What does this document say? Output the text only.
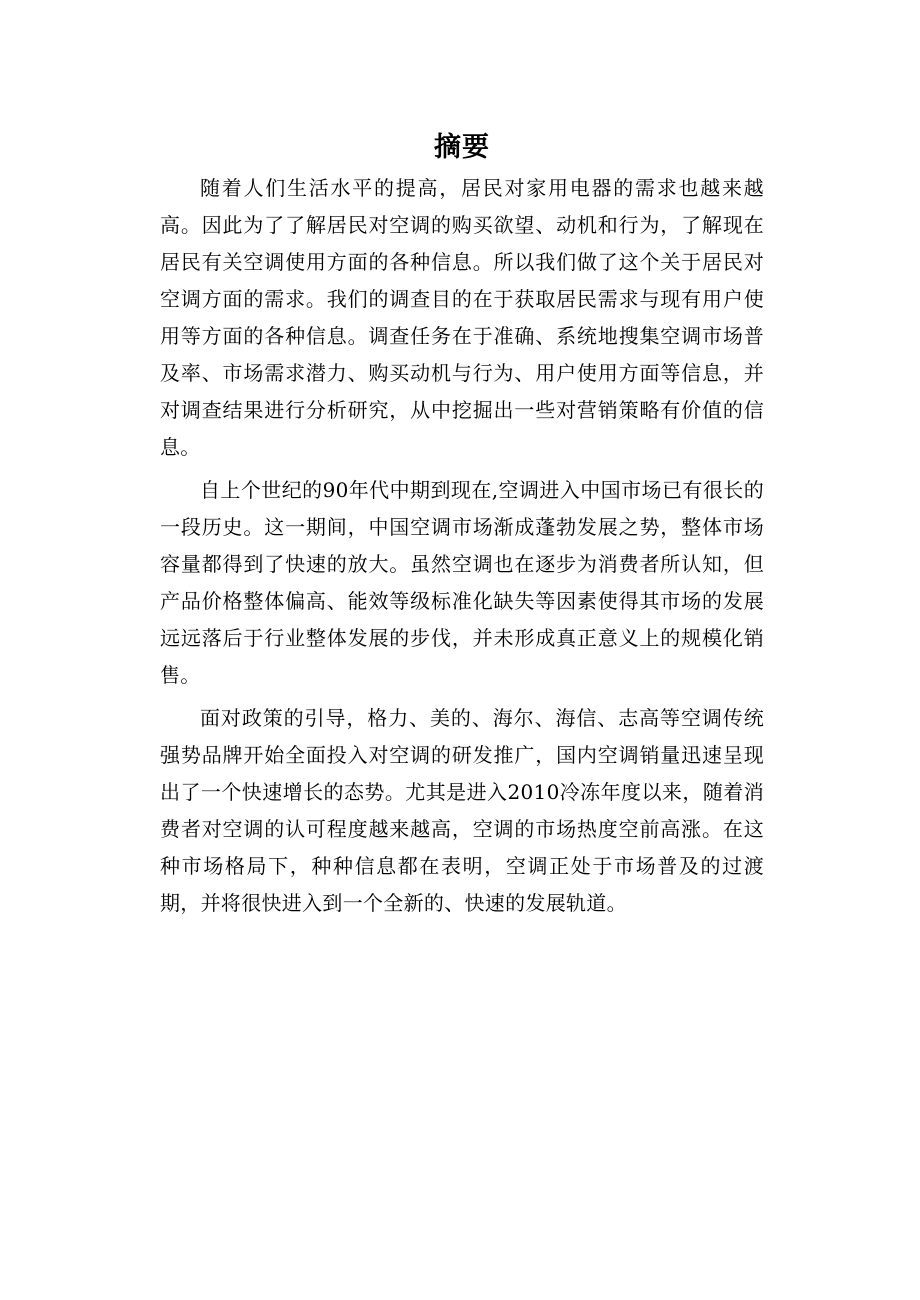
摘要

随着人们生活水平的提高，居民对家用电器的需求也越来越高。因此为了了解居民对空调的购买欲望、动机和行为，了解现在居民有关空调使用方面的各种信息。所以我们做了这个关于居民对空调方面的需求。我们的调查目的在于获取居民需求与现有用户使用等方面的各种信息。调查任务在于准确、系统地搜集空调市场普及率、市场需求潜力、购买动机与行为、用户使用方面等信息，并对调查结果进行分析研究，从中挖掘出一些对营销策略有价值的信息。

自上个世纪的90年代中期到现在,空调进入中国市场已有很长的一段历史。这一期间，中国空调市场渐成蓬勃发展之势，整体市场容量都得到了快速的放大。虽然空调也在逐步为消费者所认知，但产品价格整体偏高、能效等级标准化缺失等因素使得其市场的发展远远落后于行业整体发展的步伐，并未形成真正意义上的规模化销售。

面对政策的引导，格力、美的、海尔、海信、志高等空调传统强势品牌开始全面投入对空调的研发推广，国内空调销量迅速呈现出了一个快速增长的态势。尤其是进入2010冷冻年度以来，随着消费者对空调的认可程度越来越高，空调的市场热度空前高涨。在这种市场格局下，种种信息都在表明，空调正处于市场普及的过渡期，并将很快进入到一个全新的、快速的发展轨道。
